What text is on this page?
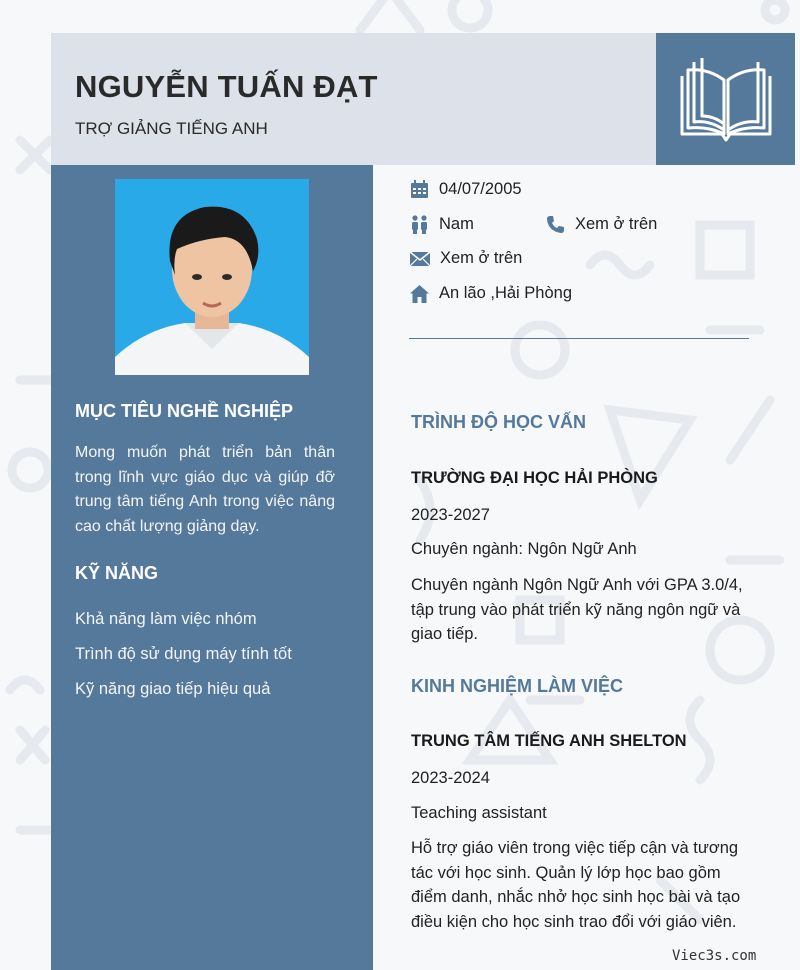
NGUYỄN TUẤN ĐẠT
TRỢ GIẢNG TIẾNG ANH
MỤC TIÊU NGHỀ NGHIỆP

Mong muốn phát triển bản thân trong lĩnh vực giáo dục và giúp đỡ trung tâm tiếng Anh trong việc nâng cao chất lượng giảng dạy.

KỸ NĂNG
Khả năng làm việc nhóm
Trình độ sử dụng máy tính tốt
Kỹ năng giao tiếp hiệu quả
04/07/2005
Nam	Xem ở trên
Xem ở trên
An lão ,Hải Phòng
TRÌNH ĐỘ HỌC VẤN
TRƯỜNG ĐẠI HỌC HẢI PHÒNG

2023-2027

Chuyên ngành: Ngôn Ngữ Anh

Chuyên ngành Ngôn Ngữ Anh với GPA 3.0/4, tập trung vào phát triển kỹ năng ngôn ngữ và giao tiếp.

KINH NGHIỆM LÀM VIỆC
TRUNG TÂM TIẾNG ANH SHELTON

2023-2024

Teaching assistant

Hỗ trợ giáo viên trong việc tiếp cận và tương tác với học sinh. Quản lý lớp học bao gồm điểm danh, nhắc nhở học sinh học bài và tạo điều kiện cho học sinh trao đổi với giáo viên.

Viec3s.com
